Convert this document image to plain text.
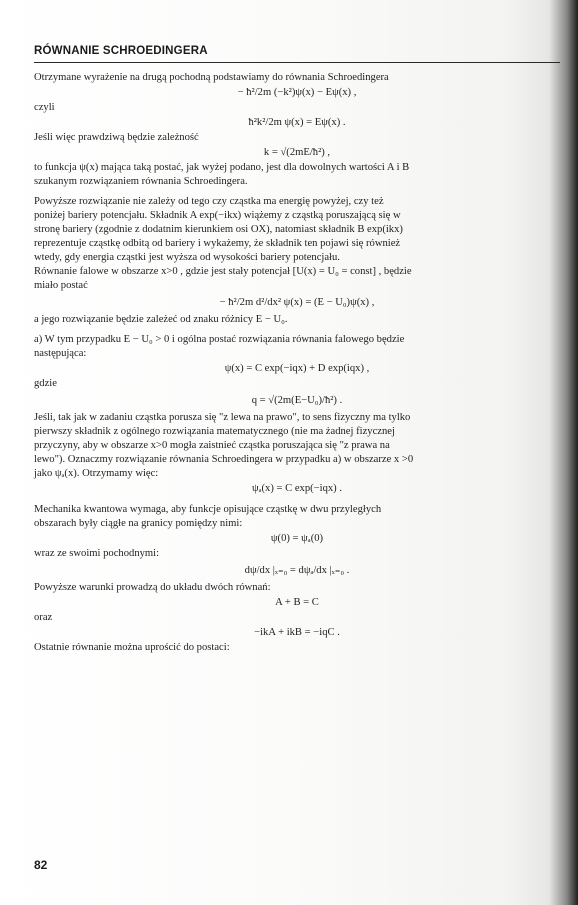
RÓWNANIE SCHROEDINGERA

Otrzymane wyrażenie na drugą pochodną podstawiamy do równania Schroedingera

− ħ²/2m (−k²)ψ(x) − Eψ(x) ,

czyli

ħ²k²/2m ψ(x) = Eψ(x) .

Jeśli więc prawdziwą będzie zależność

k = √(2mE/ħ²) ,

to funkcja ψ(x) mająca taką postać, jak wyżej podano, jest dla dowolnych wartości A i B

szukanym rozwiązaniem równania Schroedingera.

Powyższe rozwiązanie nie zależy od tego czy cząstka ma energię powyżej, czy też

poniżej bariery potencjału. Składnik A exp(−ikx) wiążemy z cząstką poruszającą się w

stronę bariery (zgodnie z dodatnim kierunkiem osi OX), natomiast składnik B exp(ikx)

reprezentuje cząstkę odbitą od bariery i wykażemy, że składnik ten pojawi się również

wtedy, gdy energia cząstki jest wyższa od wysokości bariery potencjału.

Równanie falowe w obszarze x>0 , gdzie jest stały potencjał [U(x) = U₀ = const] , będzie

miało postać

− ħ²/2m d²/dx² ψ(x) = (E − U₀)ψ(x) ,

a jego rozwiązanie będzie zależeć od znaku różnicy E − U₀.

a) W tym przypadku E − U₀ > 0 i ogólna postać rozwiązania równania falowego będzie

następująca:

ψ(x) = C exp(−iqx) + D exp(iqx) ,

gdzie

q = √(2m(E−U₀)/ħ²) .

Jeśli, tak jak w zadaniu cząstka porusza się "z lewa na prawo", to sens fizyczny ma tylko

pierwszy składnik z ogólnego rozwiązania matematycznego (nie ma żadnej fizycznej

przyczyny, aby w obszarze x>0 mogła zaistnieć cząstka poruszająca się "z prawa na

lewo"). Oznaczmy rozwiązanie równania Schroedingera w przypadku a) w obszarze x >0

jako ψₐ(x). Otrzymamy więc:

ψₐ(x) = C exp(−iqx) .

Mechanika kwantowa wymaga, aby funkcje opisujące cząstkę w dwu przyległych

obszarach były ciągłe na granicy pomiędzy nimi:

ψ(0) = ψₐ(0)

wraz ze swoimi pochodnymi:

dψ/dx |ₓ₌₀ = dψₐ/dx |ₓ₌₀ .

Powyższe warunki prowadzą do układu dwóch równań:

A + B = C

oraz

−ikA + ikB = −iqC .

Ostatnie równanie można uprościć do postaci:

82
